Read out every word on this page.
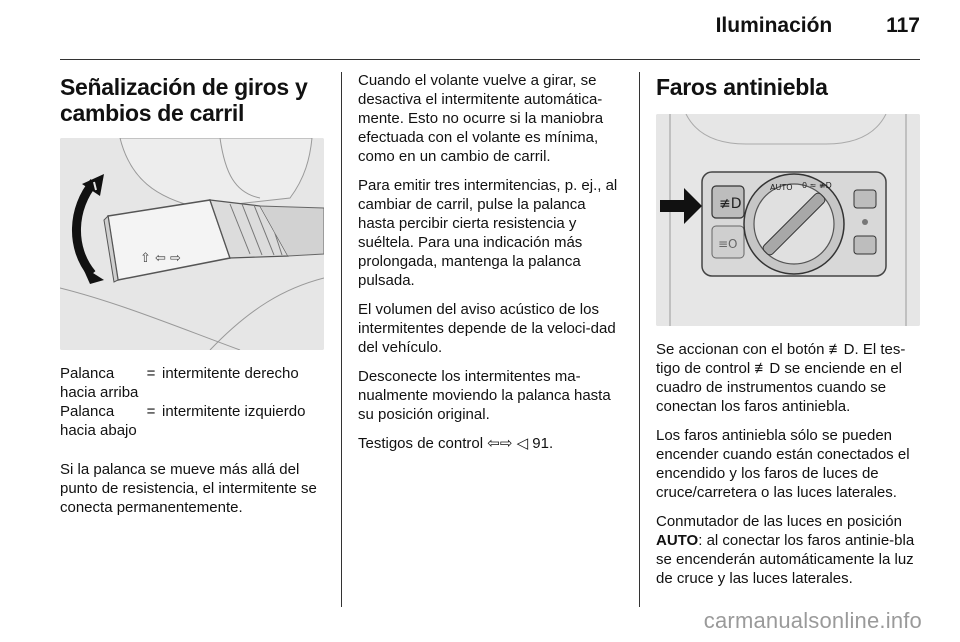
Iluminación	117
Señalización de giros y cambios de carril
⇧ ⇦ ⇨
Palanca hacia arriba	=	intermitente derecho
Palanca hacia abajo	=	intermitente izquierdo

Si la palanca se mueve más allá del punto de resistencia, el intermitente se conecta permanentemente.

Cuando el volante vuelve a girar, se desactiva el intermitente automática-mente. Esto no ocurre si la maniobra efectuada con el volante es mínima, como en un cambio de carril.

Para emitir tres intermitencias, p. ej., al cambiar de carril, pulse la palanca hasta percibir cierta resistencia y suéltela. Para una indicación más prolongada, mantenga la palanca pulsada.

El volumen del aviso acústico de los intermitentes depende de la veloci-dad del vehículo.

Desconecte los intermitentes ma-nualmente moviendo la palanca hasta su posición original.

Testigos de control ⇦⇨ ◁ 91.

Faros antiniebla
≢D
≡O
AUTO 0 ≈ ≢D

Se accionan con el botón ≢D. El tes-tigo de control ≢D se enciende en el cuadro de instrumentos cuando se conectan los faros antiniebla.

Los faros antiniebla sólo se pueden encender cuando están conectados el encendido y los faros de luces de cruce/carretera o las luces laterales.

Conmutador de las luces en posición AUTO: al conectar los faros antinie-bla se encenderán automáticamente la luz de cruce y las luces laterales.

carmanualsonline.info
